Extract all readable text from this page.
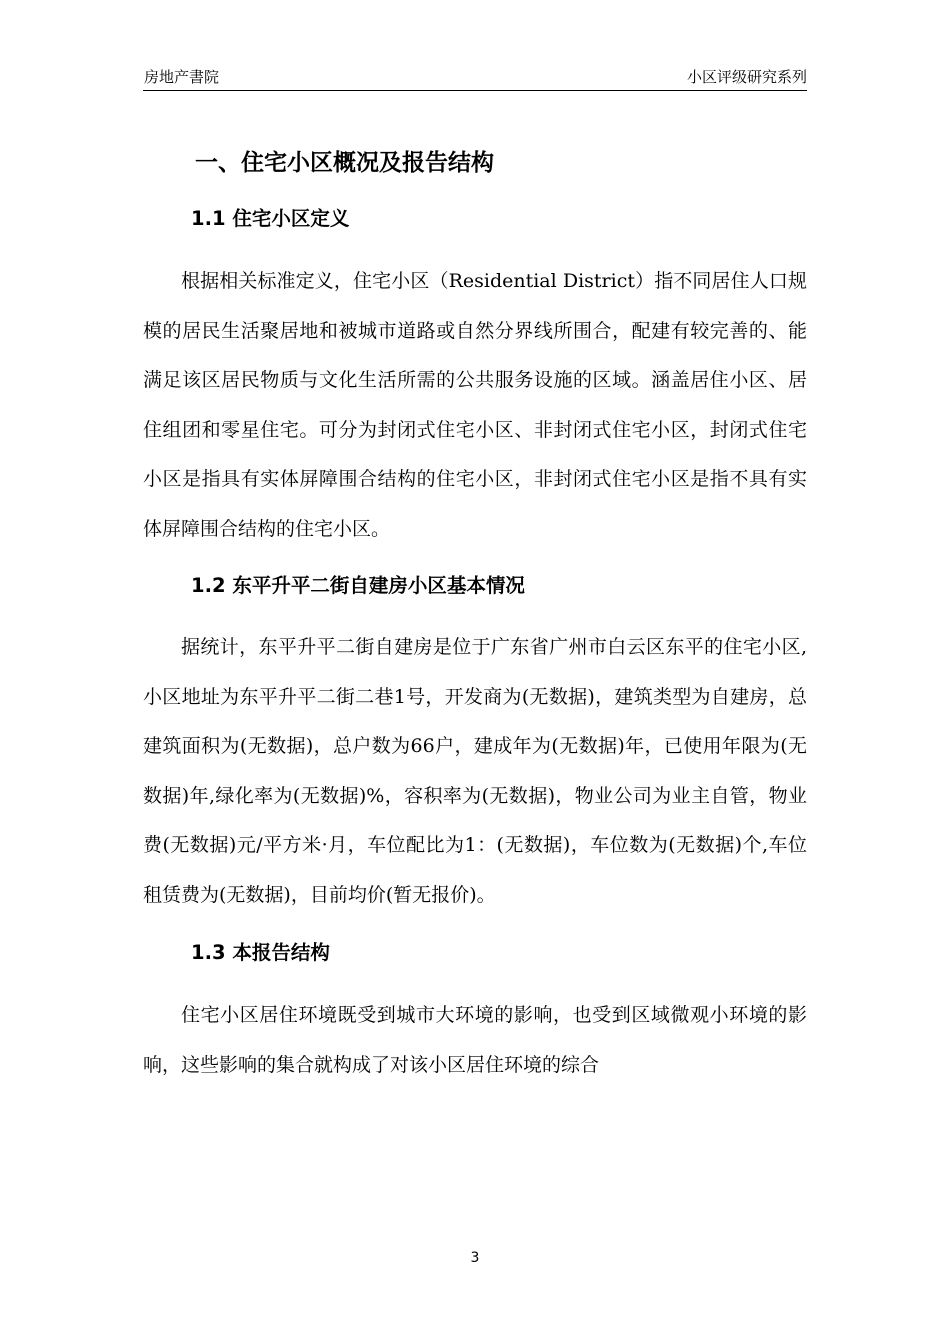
房地产書院	小区评级研究系列
一、住宅小区概况及报告结构
1.1 住宅小区定义

根据相关标准定义，住宅小区（Residential District）指不同居住人口规模的居民生活聚居地和被城市道路或自然分界线所围合，配建有较完善的、能满足该区居民物质与文化生活所需的公共服务设施的区域。涵盖居住小区、居住组团和零星住宅。可分为封闭式住宅小区、非封闭式住宅小区，封闭式住宅小区是指具有实体屏障围合结构的住宅小区，非封闭式住宅小区是指不具有实体屏障围合结构的住宅小区。

1.2 东平升平二街自建房小区基本情况

据统计，东平升平二街自建房是位于广东省广州市白云区东平的住宅小区,小区地址为东平升平二街二巷1号，开发商为(无数据)，建筑类型为自建房，总建筑面积为(无数据)，总户数为66户，建成年为(无数据)年，已使用年限为(无数据)年,绿化率为(无数据)%，容积率为(无数据)，物业公司为业主自管，物业费(无数据)元/平方米·月，车位配比为1：(无数据)，车位数为(无数据)个,车位租赁费为(无数据)，目前均价(暂无报价)。

1.3 本报告结构

住宅小区居住环境既受到城市大环境的影响，也受到区域微观小环境的影响，这些影响的集合就构成了对该小区居住环境的综合

3
